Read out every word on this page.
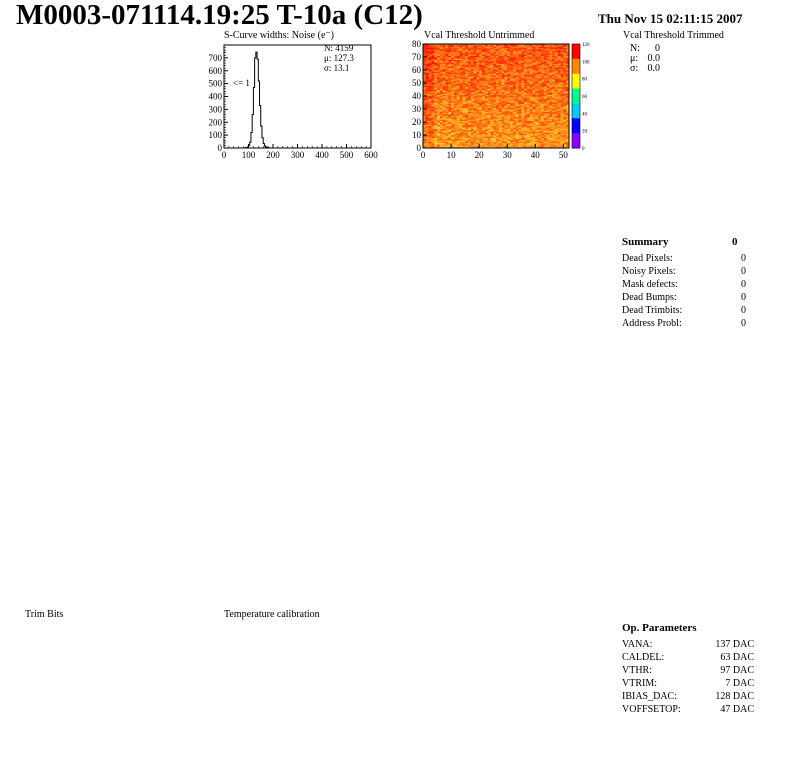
M0003-071114.19:25 T-10a (C12)	Thu Nov 15 02:11:15 2007
S-Curve widths: Noise (e⁻)
0 100 200 300 400 500 600
0
100
200
300
400
500
600
700
N: 4159
μ: 127.3
σ: 13.1
<= 1
Vcal Threshold Untrimmed
0 10 20 30 40 50
0
10
20
30
40
50
60
70
80
0
20
40
60
80
100
120
Vcal Threshold Trimmed
N: 0
μ: 0.0
σ: 0.0
Summary	0
Dead Pixels:	0
Noisy Pixels:	0
Mask defects:	0
Dead Bumps:	0
Dead Trimbits:	0
Address Probl:	0
Trim Bits	Temperature calibration
Op. Parameters
VANA:	137 DAC
CALDEL:	63 DAC
VTHR:	97 DAC
VTRIM:	7 DAC
IBIAS_DAC:	128 DAC
VOFFSETOP:	47 DAC
